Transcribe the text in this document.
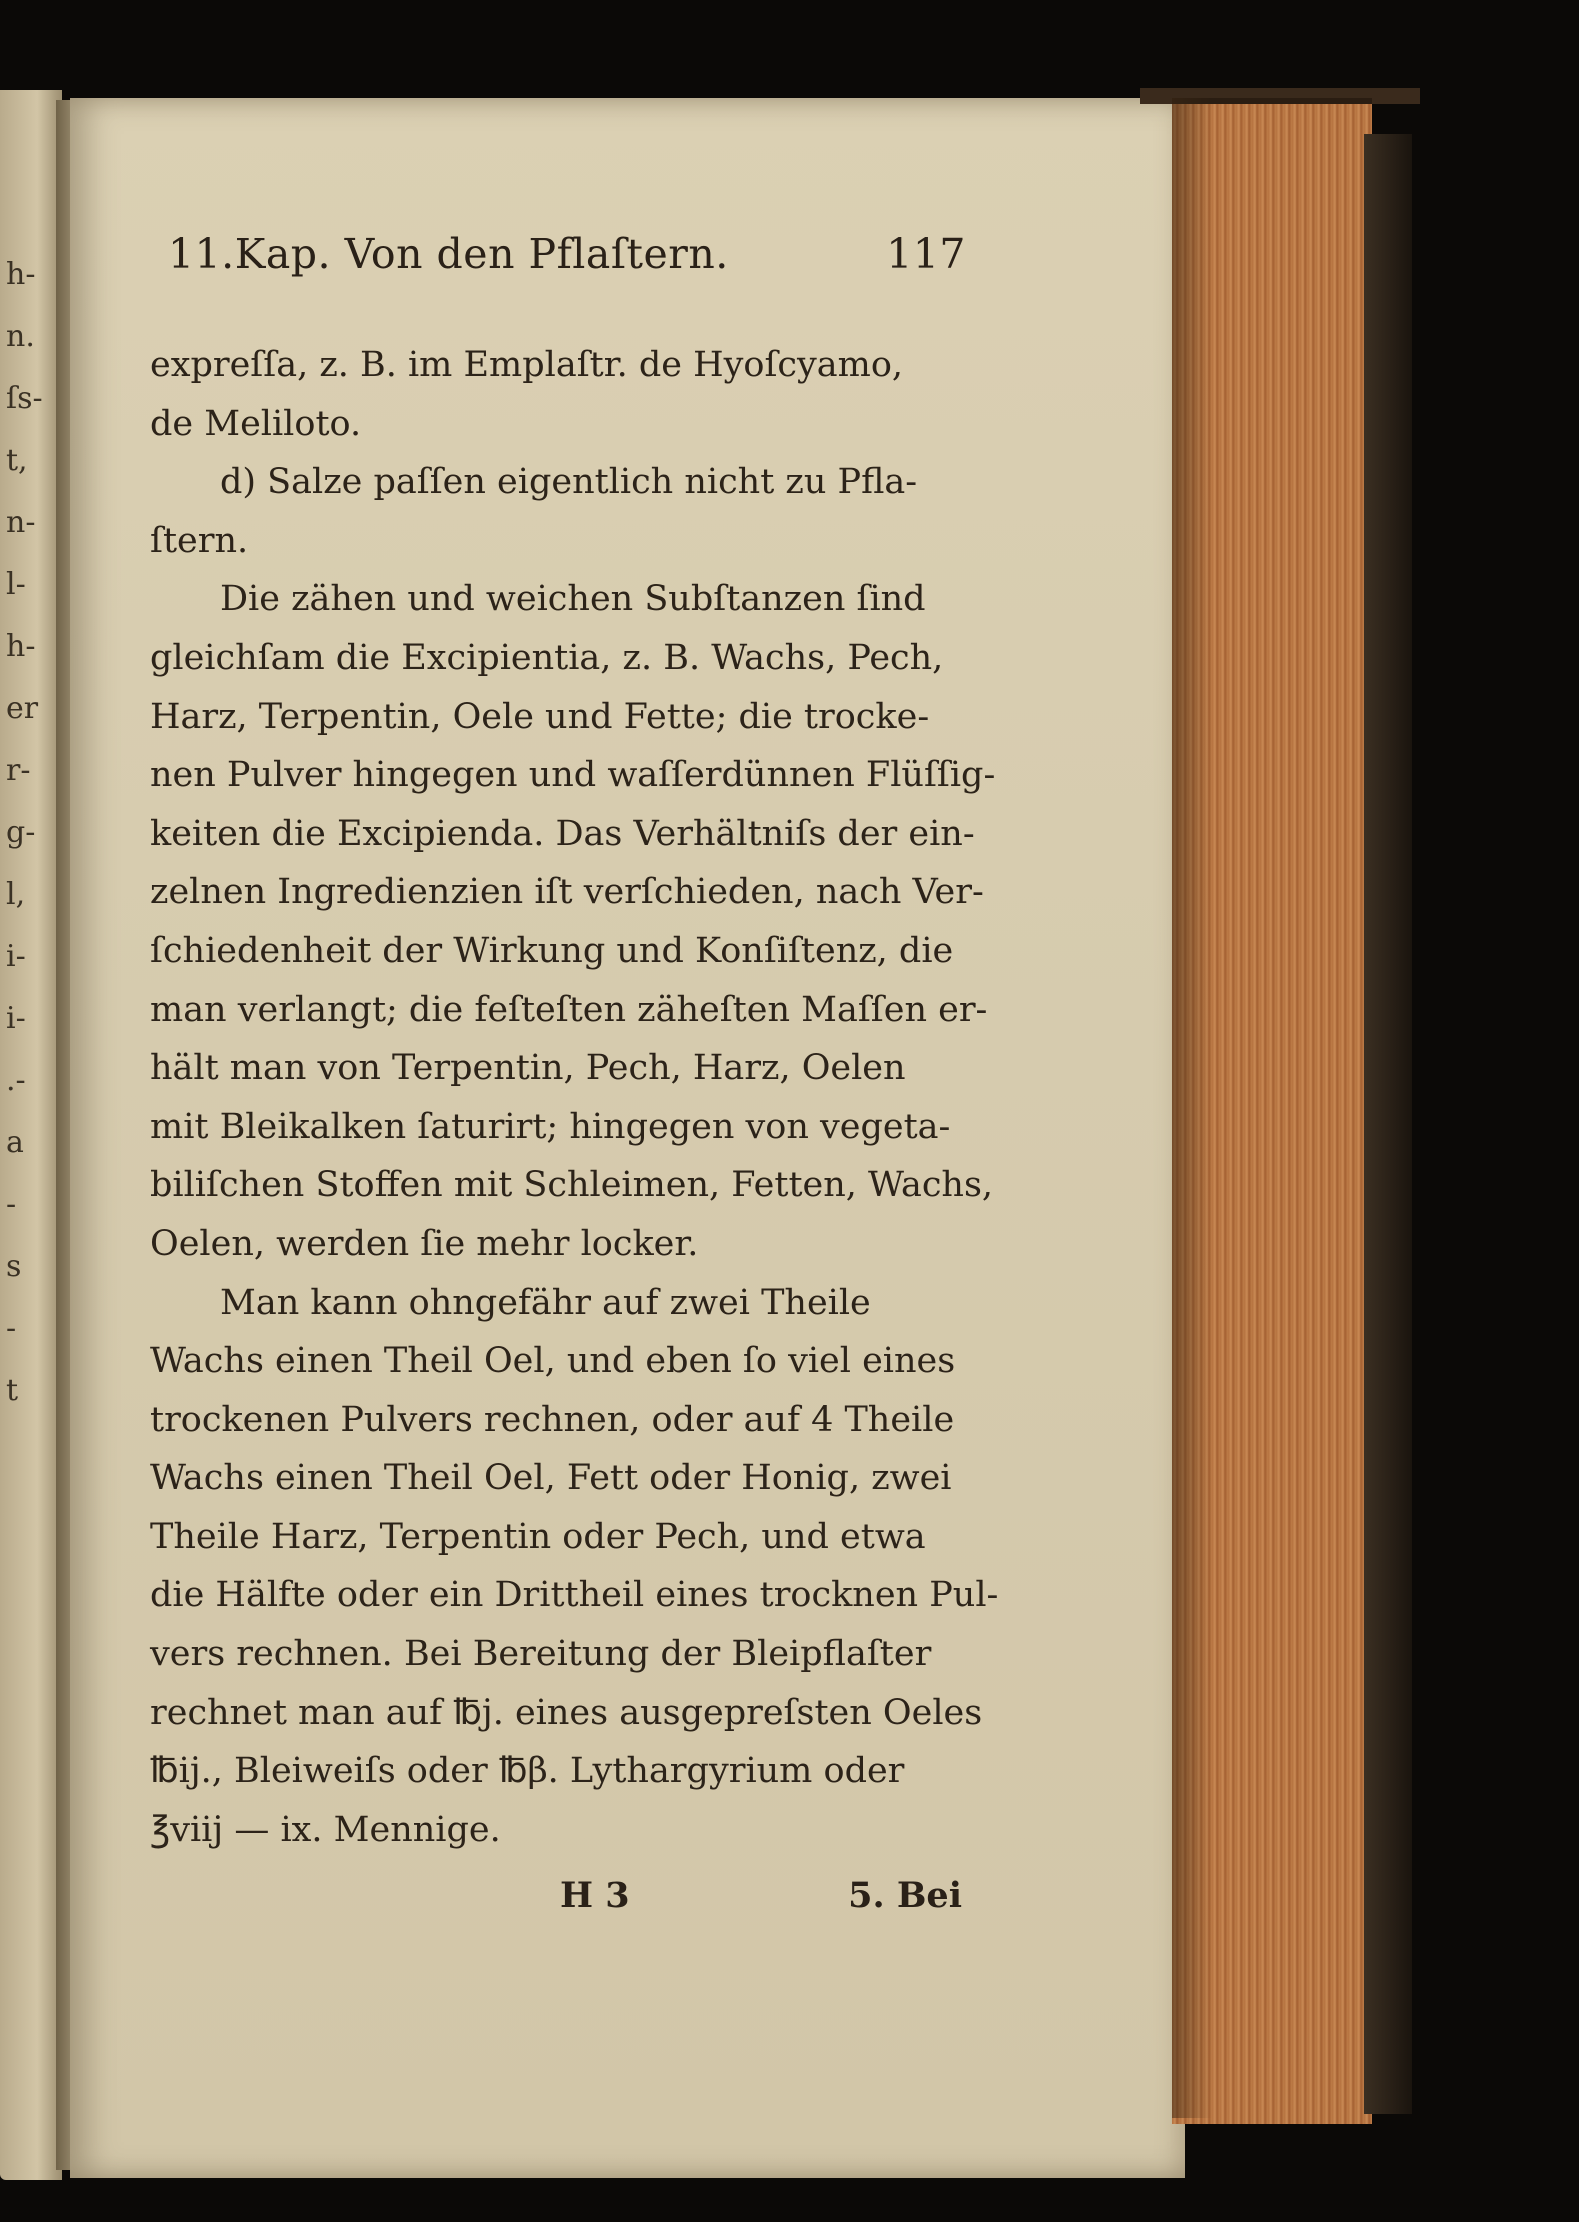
h-
n.
ſs-
t,
n-
l-
h-
er
r-
g-
l,
i-
i-
.-
a
-
s
-
t
11.Kap. Von den Pflaſtern.	117

expreſſa, z. B. im Emplaſtr. de Hyoſcyamo,
de Meliloto.

d) Salze paſſen eigentlich nicht zu Pfla-
ſtern.

Die zähen und weichen Subſtanzen ſind
gleichſam die Excipientia, z. B. Wachs, Pech,
Harz, Terpentin, Oele und Fette; die trocke-
nen Pulver hingegen und waſſerdünnen Flüſſig-
keiten die Excipienda. Das Verhältniſs der ein-
zelnen Ingredienzien iſt verſchieden, nach Ver-
ſchiedenheit der Wirkung und Konſiſtenz, die
man verlangt; die feſteſten zäheſten Maſſen er-
hält man von Terpentin, Pech, Harz, Oelen
mit Bleikalken ſaturirt; hingegen von vegeta-
biliſchen Stoffen mit Schleimen, Fetten, Wachs,
Oelen, werden ſie mehr locker.

Man kann ohngefähr auf zwei Theile
Wachs einen Theil Oel, und eben ſo viel eines
trockenen Pulvers rechnen, oder auf 4 Theile
Wachs einen Theil Oel, Fett oder Honig, zwei
Theile Harz, Terpentin oder Pech, und etwa
die Hälfte oder ein Drittheil eines trocknen Pul-
vers rechnen. Bei Bereitung der Bleipflaſter
rechnet man auf ℔j. eines ausgepreſsten Oeles
℔ij., Bleiweiſs oder ℔β. Lythargyrium oder
℥viij — ix. Mennige.

H 3	5. Bei
